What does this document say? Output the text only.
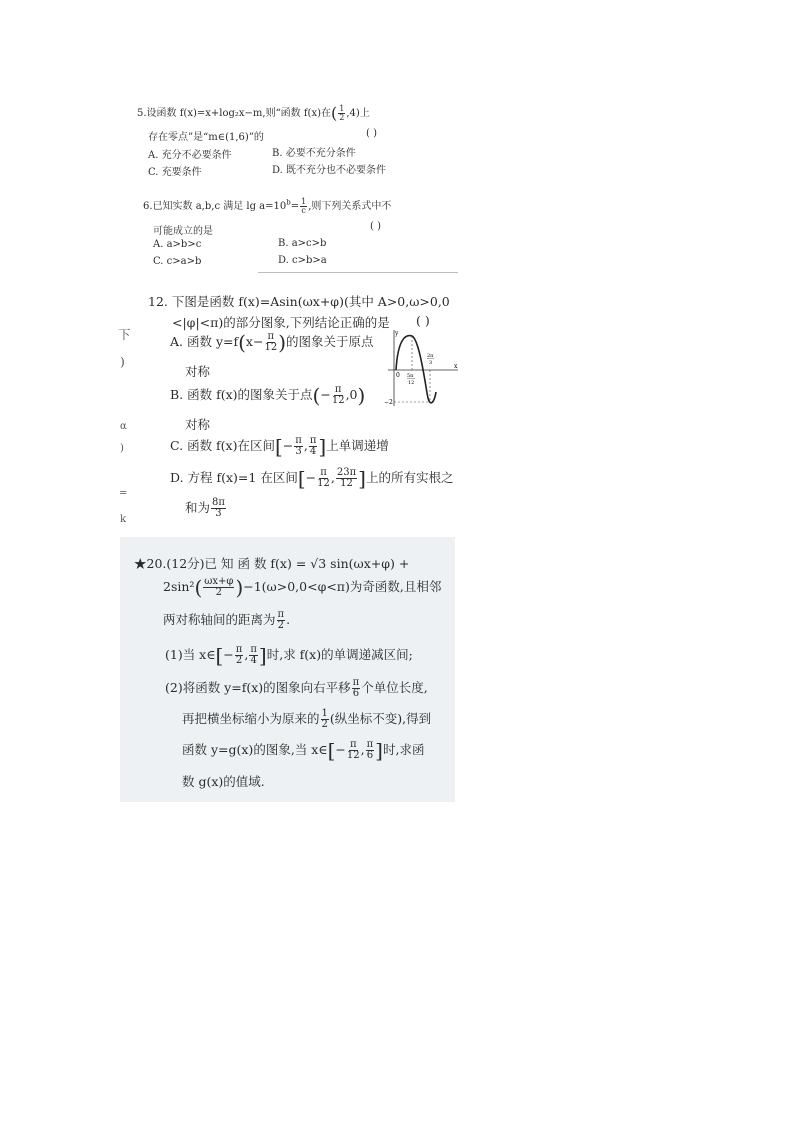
5.设函数 f(x)=x+log₂x−m,则“函数 f(x)在( $\frac{1}{2} ,4$)上
存在零点”是“m∈(1,6)”的	( )
A. 充分不必要条件	B. 必要不充分条件
C. 充要条件	D. 既不充分也不必要条件
6.已知实数 a,b,c 满足 $\lg a=10^b= \frac{1}{c}$ ,则下列关系式中不
可能成立的是	( )
A. a>b>c	B. a>c>b
C. c>a>b	D. c>b>a
下
)
α
)
=
k
12. 下图是函数 f(x)=Asin(ωx+φ)(其中 A>0,ω>0,0
<|φ|<π)的部分图象,下列结论正确的是 ( )
A. 函数 $y=f(x- \frac{\pi}{12}$ )的图象关于原点
对称
B. 函数 f(x)的图象关于点(− $\frac{\pi}{12} ,0$)
对称
C. 函数 f(x)在区间[− $\frac{\pi}{3}$ , $\frac{\pi}{4}$ ]上单调递增
D. 方程 f(x)=1 在区间[− $\frac{\pi}{12}$ , $\frac{23\pi}{12}$ ]上的所有实根之
和为 $\frac{8\pi}{3}$
y
x
0 5π
12
2π
3
−2
★20.(12分)已 知 函 数 f(x) = √3 sin(ωx+φ) +
$2\sin^2( \frac{\omega x+\varphi}{2} )-1(\omega>0,0<\varphi<\pi)$为奇函数,且相邻
两对称轴间的距离为 $\frac{\pi}{2}$ .
(1)当 x∈[− $\frac{\pi}{2}$ , $\frac{\pi}{4}$ ]时,求 f(x)的单调递减区间;
(2)将函数 y=f(x)的图象向右平移 $\frac{\pi}{6}$ 个单位长度,
再把横坐标缩小为原来的 $\frac{1}{2}$ (纵坐标不变),得到
函数 y=g(x)的图象,当 x∈[− $\frac{\pi}{12}$ , $\frac{\pi}{6}$ ]时,求函
数 g(x)的值域.
